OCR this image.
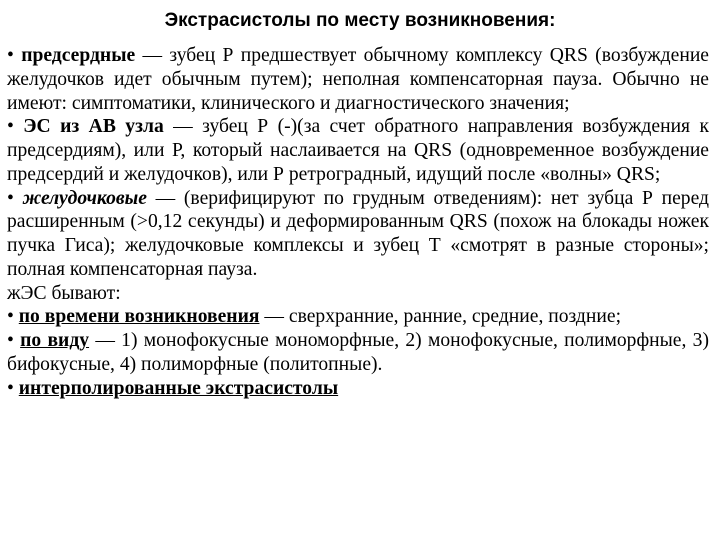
Экстрасистолы по месту возникновения:

• предсердные — зубец Р предшествует обычному комплексу QRS (возбуждение желудочков идет обычным путем); неполная компенсаторная пауза. Обычно не имеют: симптоматики, клинического и диагностического значения;

• ЭС из АВ узла — зубец Р (-)(за счет обратного направления возбуждения к предсердиям), или Р, который наслаивается на QRS (одновременное возбуждение предсердий и желудочков), или Р ретроградный, идущий после «волны» QRS;

• желудочковые — (верифицируют по грудным отведениям): нет зубца Р перед расширенным (>0,12 секунды) и деформированным QRS (похож на блокады ножек пучка Гиса); желудочковые комплексы и зубец Т «смотрят в разные стороны»; полная компенсаторная пауза.

жЭС бывают:

• по времени возникновения — сверхранние, ранние, средние, поздние;

• по виду — 1) монофокусные мономорфные, 2) монофокусные, полиморфные, 3) бифокусные, 4) полиморфные (политопные).

• интерполированные экстрасистолы
